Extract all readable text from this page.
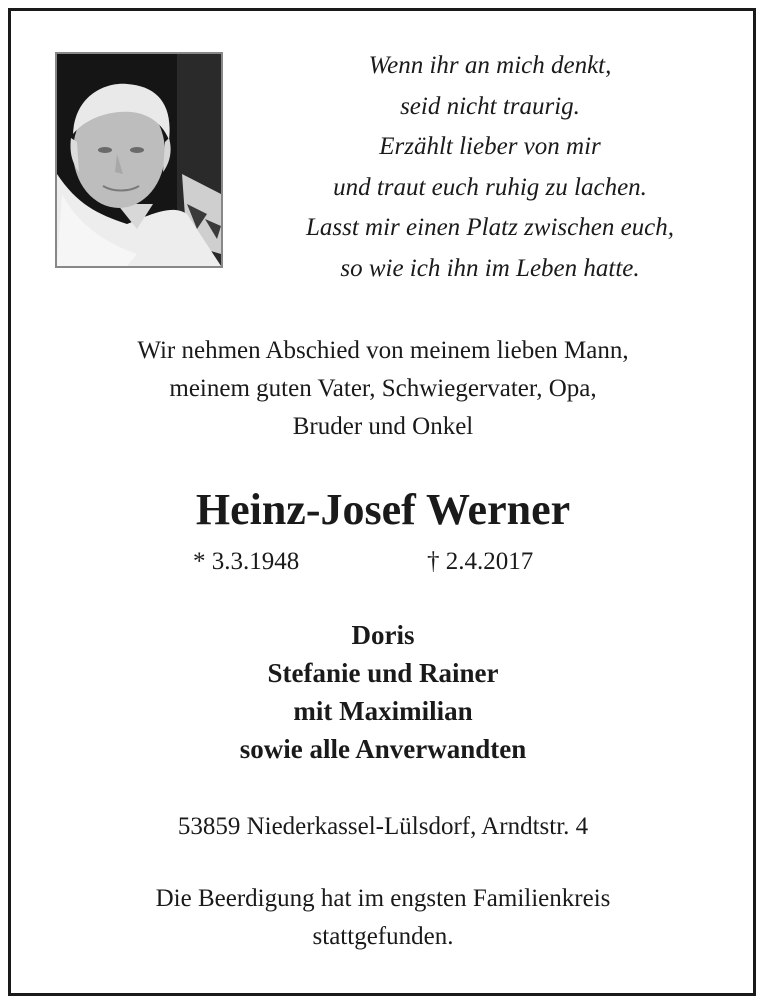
Wenn ihr an mich denkt,
seid nicht traurig.
Erzählt lieber von mir
und traut euch ruhig zu lachen.
Lasst mir einen Platz zwischen euch,
so wie ich ihn im Leben hatte.
Wir nehmen Abschied von meinem lieben Mann,
meinem guten Vater, Schwiegervater, Opa,
Bruder und Onkel
Heinz-Josef Werner
* 3.3.1948	† 2.4.2017
Doris
Stefanie und Rainer
mit Maximilian
sowie alle Anverwandten
53859 Niederkassel-Lülsdorf, Arndtstr. 4
Die Beerdigung hat im engsten Familienkreis
stattgefunden.
